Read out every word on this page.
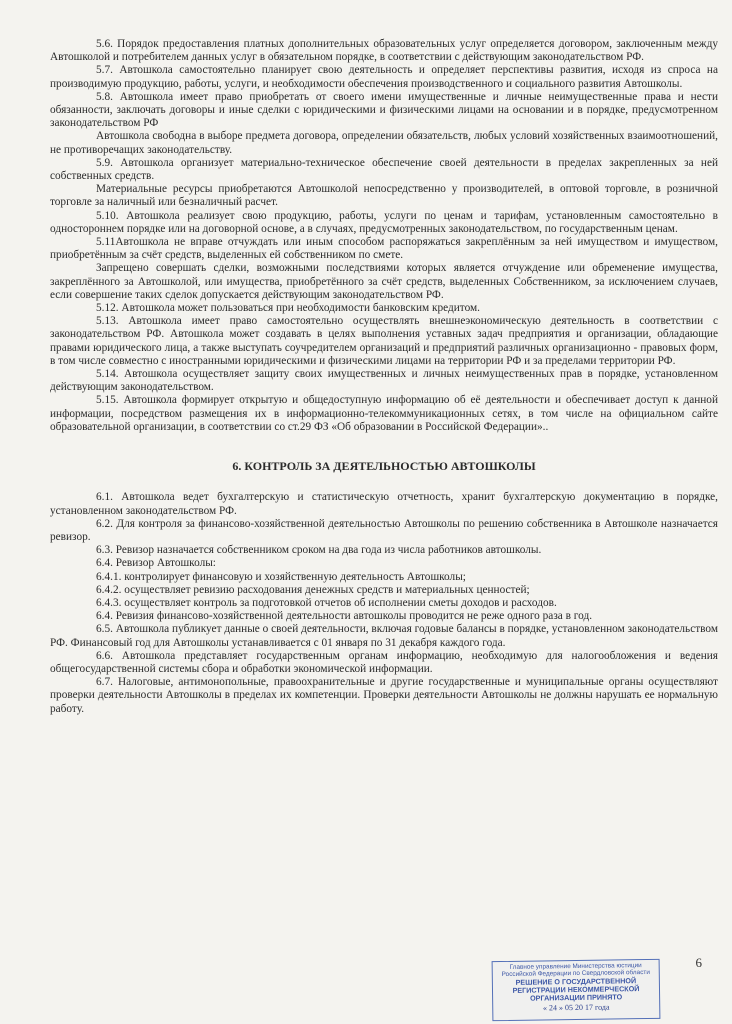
5.6. Порядок предоставления платных дополнительных образовательных услуг определяется договором, заключенным между Автошколой и потребителем данных услуг в обязательном порядке, в соответствии с действующим законодательством РФ.

5.7. Автошкола самостоятельно планирует свою деятельность и определяет перспективы развития, исходя из спроса на производимую продукцию, работы, услуги, и необходимости обеспечения производственного и социального развития Автошколы.

5.8. Автошкола имеет право приобретать от своего имени имущественные и личные неимущественные права и нести обязанности, заключать договоры и иные сделки с юридическими и физическими лицами на основании и в порядке, предусмотренном законодательством РФ

Автошкола свободна в выборе предмета договора, определении обязательств, любых условий хозяйственных взаимоотношений, не противоречащих законодательству.

5.9. Автошкола организует материально-техническое обеспечение своей деятельности в пределах закрепленных за ней собственных средств.

Материальные ресурсы приобретаются Автошколой непосредственно у производителей, в оптовой торговле, в розничной торговле за наличный или безналичный расчет.

5.10. Автошкола реализует свою продукцию, работы, услуги по ценам и тарифам, установленным самостоятельно в одностороннем порядке или на договорной основе, а в случаях, предусмотренных законодательством, по государственным ценам.

5.11Автошкола не вправе отчуждать или иным способом распоряжаться закреплённым за ней имуществом и имуществом, приобретённым за счёт средств, выделенных ей собственником по смете.

Запрещено совершать сделки, возможными последствиями которых является отчуждение или обременение имущества, закреплённого за Автошколой, или имущества, приобретённого за счёт средств, выделенных Собственником, за исключением случаев, если совершение таких сделок допускается действующим законодательством РФ.

5.12. Автошкола может пользоваться при необходимости банковским кредитом.

5.13. Автошкола имеет право самостоятельно осуществлять внешнеэкономическую деятельность в соответствии с законодательством РФ. Автошкола может создавать в целях выполнения уставных задач предприятия и организации, обладающие правами юридического лица, а также выступать соучредителем организаций и предприятий различных организационно - правовых форм, в том числе совместно с иностранными юридическими и физическими лицами на территории РФ и за пределами территории РФ.

5.14. Автошкола осуществляет защиту своих имущественных и личных неимущественных прав в порядке, установленном действующим законодательством.

5.15. Автошкола формирует открытую и общедоступную информацию об её деятельности и обеспечивает доступ к данной информации, посредством размещения их в информационно-телекоммуникационных сетях, в том числе на официальном сайте образовательной организации, в соответствии со ст.29 ФЗ «Об образовании в Российской Федерации»..

6. КОНТРОЛЬ ЗА ДЕЯТЕЛЬНОСТЬЮ АВТОШКОЛЫ

6.1. Автошкола ведет бухгалтерскую и статистическую отчетность, хранит бухгалтерскую документацию в порядке, установленном законодательством РФ.

6.2. Для контроля за финансово-хозяйственной деятельностью Автошколы по решению собственника в Автошколе назначается ревизор.

6.3. Ревизор назначается собственником сроком на два года из числа работников автошколы.

6.4. Ревизор Автошколы:

6.4.1. контролирует финансовую и хозяйственную деятельность Автошколы;

6.4.2. осуществляет ревизию расходования денежных средств и материальных ценностей;

6.4.3. осуществляет контроль за подготовкой отчетов об исполнении сметы доходов и расходов.

6.4. Ревизия финансово-хозяйственной деятельности автошколы проводится не реже одного раза в год.

6.5. Автошкола публикует данные о своей деятельности, включая годовые балансы в порядке, установленном законодательством РФ. Финансовый год для Автошколы устанавливается с 01 января по 31 декабря каждого года.

6.6. Автошкола представляет государственным органам информацию, необходимую для налогообложения и ведения общегосударственной системы сбора и обработки экономической информации.

6.7. Налоговые, антимонопольные, правоохранительные и другие государственные и муниципальные органы осуществляют проверки деятельности Автошколы в пределах их компетенции. Проверки деятельности Автошколы не должны нарушать ее нормальную работу.

6
Главное управление Министерства юстиции
Российской Федерации по Свердловской области
РЕШЕНИЕ О ГОСУДАРСТВЕННОЙ
РЕГИСТРАЦИИ НЕКОММЕРЧЕСКОЙ
ОРГАНИЗАЦИИ ПРИНЯТО
« 24 » 05 20 17 года
